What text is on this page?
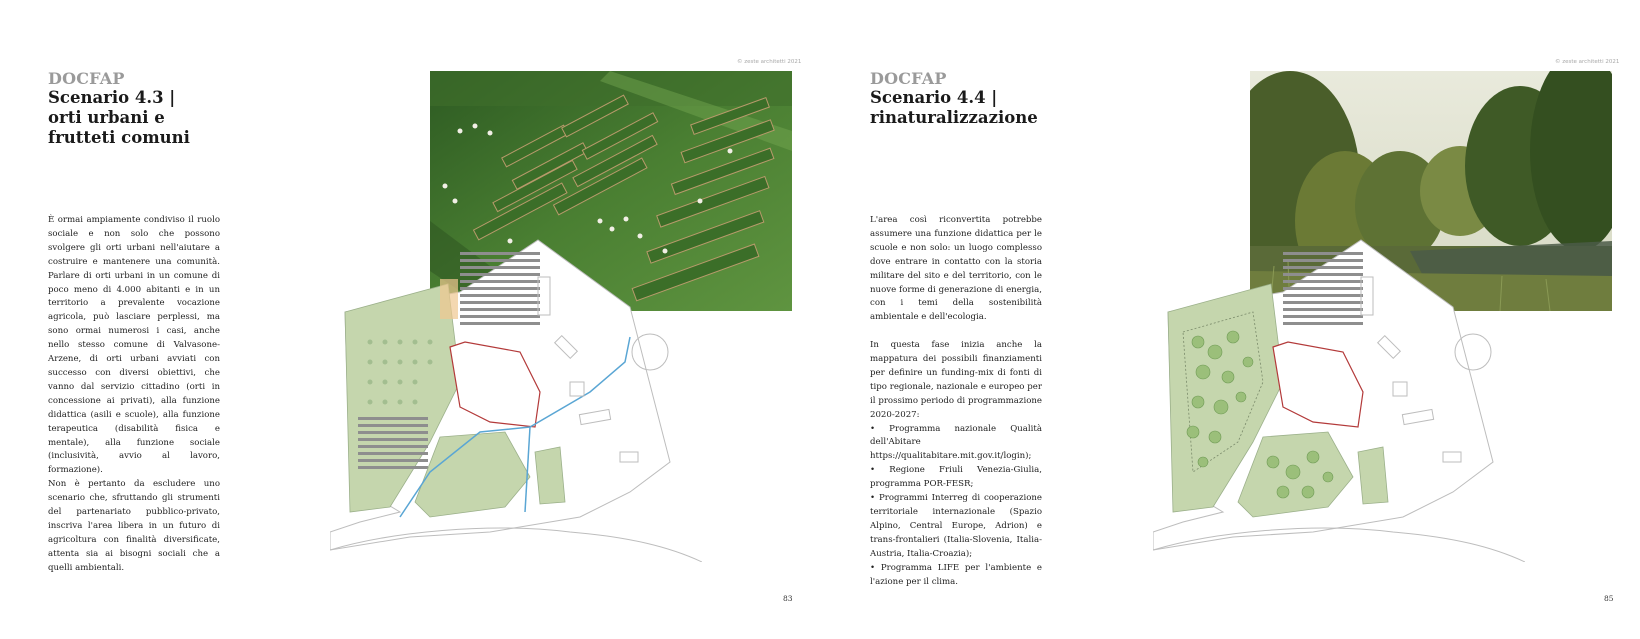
DOCFAP
Scenario 4.3 |
orti urbani e
frutteti comuni

È ormai ampiamente condiviso il ruolo sociale e non solo che possono svolgere gli orti urbani nell'aiutare a costruire e mantenere una comunità. Parlare di orti urbani in un comune di poco meno di 4.000 abitanti e in un territorio a prevalente vocazione agricola, può lasciare perplessi, ma sono ormai numerosi i casi, anche nello stesso comune di Valvasone-Arzene, di orti urbani avviati con successo con diversi obiettivi, che vanno dal servizio cittadino (orti in concessione ai privati), alla funzione didattica (asili e scuole), alla funzione terapeutica (disabilità fisica e mentale), alla funzione sociale (inclusività, avvio al lavoro, formazione).

Non è pertanto da escludere uno scenario che, sfruttando gli strumenti del partenariato pubblico-privato, inscriva l'area libera in un futuro di agricoltura con finalità diversificate, attenta sia ai bisogni sociali che a quelli ambientali.

© zeste architetti 2021
83
DOCFAP
Scenario 4.4 |
rinaturalizzazione

L'area così riconvertita potrebbe assumere una funzione didattica per le scuole e non solo: un luogo complesso dove entrare in contatto con la storia militare del sito e del territorio, con le nuove forme di generazione di energia, con i temi della sostenibilità ambientale e dell'ecologia.

In questa fase inizia anche la mappatura dei possibili finanziamenti per definire un funding-mix di fonti di tipo regionale, nazionale e europeo per il prossimo periodo di programmazione 2020-2027:

• Programma nazionale Qualità dell'Abitare https://qualitabitare.mit.gov.it/login);

• Regione Friuli Venezia-Giulia, programma POR-FESR;

• Programmi Interreg di cooperazione territoriale internazionale (Spazio Alpino, Central Europe, Adrion) e trans-frontalieri (Italia-Slovenia, Italia-Austria, Italia-Croazia);

• Programma LIFE per l'ambiente e l'azione per il clima.

© zeste architetti 2021
85
